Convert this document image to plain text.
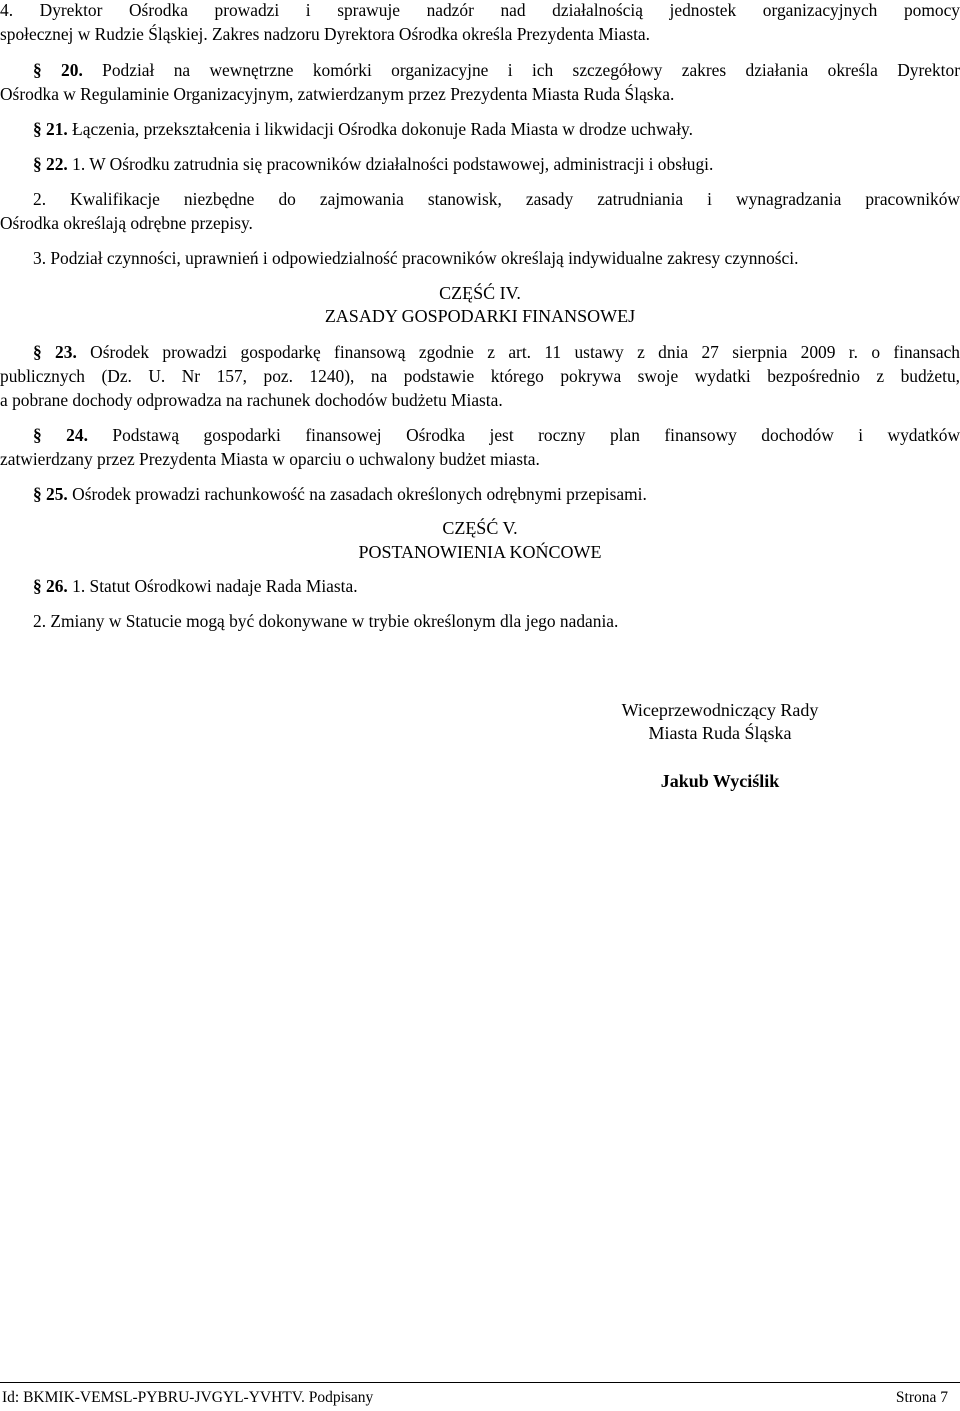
4. Dyrektor Ośrodka prowadzi i sprawuje nadzór nad działalnością jednostek organizacyjnych pomocy

społecznej w Rudzie Śląskiej. Zakres nadzoru Dyrektora Ośrodka określa Prezydenta Miasta.

§ 20. Podział na wewnętrzne komórki organizacyjne i ich szczegółowy zakres działania określa Dyrektor

Ośrodka w Regulaminie Organizacyjnym, zatwierdzanym przez Prezydenta Miasta Ruda Śląska.

§ 21. Łączenia, przekształcenia i likwidacji Ośrodka dokonuje Rada Miasta w drodze uchwały.

§ 22. 1. W Ośrodku zatrudnia się pracowników działalności podstawowej, administracji i obsługi.

2. Kwalifikacje niezbędne do zajmowania stanowisk, zasady zatrudniania i wynagradzania pracowników

Ośrodka określają odrębne przepisy.

3. Podział czynności, uprawnień i odpowiedzialność pracowników określają indywidualne zakresy czynności.

CZĘŚĆ IV.

ZASADY GOSPODARKI FINANSOWEJ

§ 23. Ośrodek prowadzi gospodarkę finansową zgodnie z art. 11 ustawy z dnia 27 sierpnia 2009 r. o finansach

publicznych (Dz. U. Nr 157, poz. 1240), na podstawie którego pokrywa swoje wydatki bezpośrednio z budżetu,

a pobrane dochody odprowadza na rachunek dochodów budżetu Miasta.

§ 24. Podstawą gospodarki finansowej Ośrodka jest roczny plan finansowy dochodów i wydatków

zatwierdzany przez Prezydenta Miasta w oparciu o uchwalony budżet miasta.

§ 25. Ośrodek prowadzi rachunkowość na zasadach określonych odrębnymi przepisami.

CZĘŚĆ V.

POSTANOWIENIA KOŃCOWE

§ 26. 1. Statut Ośrodkowi nadaje Rada Miasta.

2. Zmiany w Statucie mogą być dokonywane w trybie określonym dla jego nadania.

Wiceprzewodniczący Rady

Miasta Ruda Śląska

Jakub Wyciślik

Id: BKMIK-VEMSL-PYBRU-JVGYL-YVHTV. Podpisany	Strona 7
